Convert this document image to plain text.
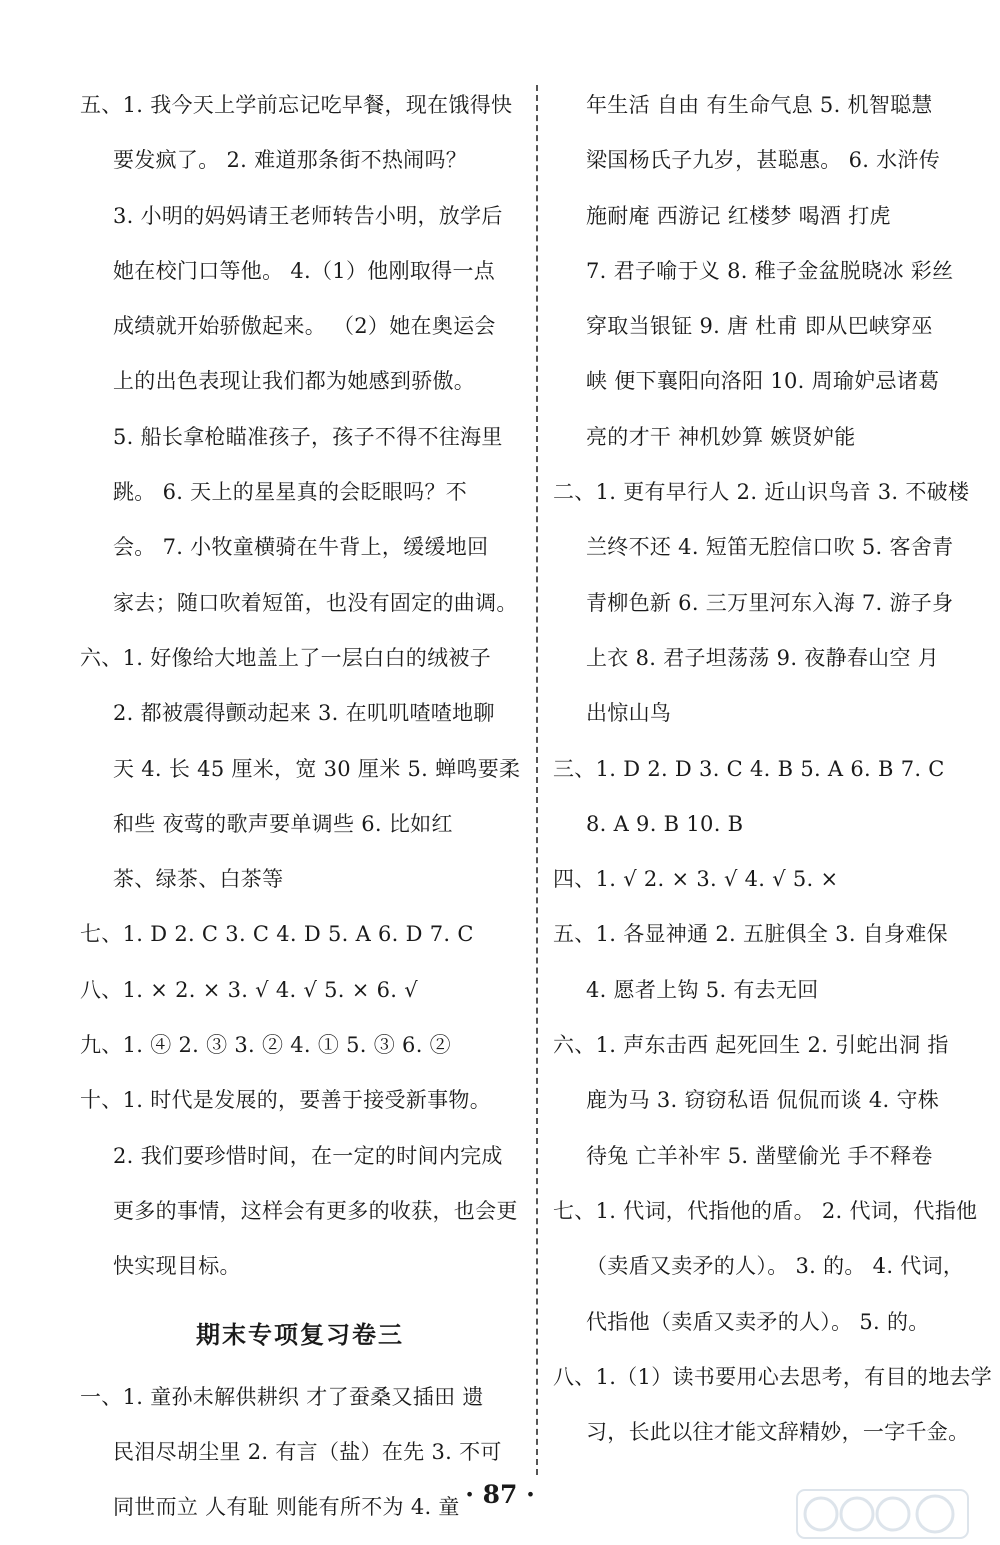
五、1. 我今天上学前忘记吃早餐，现在饿得快
要发疯了。 2. 难道那条街不热闹吗？
3. 小明的妈妈请王老师转告小明，放学后
她在校门口等他。 4.（1）他刚取得一点
成绩就开始骄傲起来。 （2）她在奥运会
上的出色表现让我们都为她感到骄傲。
5. 船长拿枪瞄准孩子，孩子不得不往海里
跳。 6. 天上的星星真的会眨眼吗？不
会。 7. 小牧童横骑在牛背上，缓缓地回
家去；随口吹着短笛，也没有固定的曲调。
六、1. 好像给大地盖上了一层白白的绒被子
2. 都被震得颤动起来 3. 在叽叽喳喳地聊
天 4. 长 45 厘米，宽 30 厘米 5. 蝉鸣要柔
和些 夜莺的歌声要单调些 6. 比如红
茶、绿茶、白茶等
七、1. D 2. C 3. C 4. D 5. A 6. D 7. C
八、1. × 2. × 3. √ 4. √ 5. × 6. √
九、1. ④ 2. ③ 3. ② 4. ① 5. ③ 6. ②
十、1. 时代是发展的，要善于接受新事物。
2. 我们要珍惜时间，在一定的时间内完成
更多的事情，这样会有更多的收获，也会更
快实现目标。
期末专项复习卷三
一、1. 童孙未解供耕织 才了蚕桑又插田 遗
民泪尽胡尘里 2. 有言（盐）在先 3. 不可
同世而立 人有耻 则能有所不为 4. 童
年生活 自由 有生命气息 5. 机智聪慧
梁国杨氏子九岁，甚聪惠。 6. 水浒传
施耐庵 西游记 红楼梦 喝酒 打虎
7. 君子喻于义 8. 稚子金盆脱晓冰 彩丝
穿取当银钲 9. 唐 杜甫 即从巴峡穿巫
峡 便下襄阳向洛阳 10. 周瑜妒忌诸葛
亮的才干 神机妙算 嫉贤妒能
二、1. 更有早行人 2. 近山识鸟音 3. 不破楼
兰终不还 4. 短笛无腔信口吹 5. 客舍青
青柳色新 6. 三万里河东入海 7. 游子身
上衣 8. 君子坦荡荡 9. 夜静春山空 月
出惊山鸟
三、1. D 2. D 3. C 4. B 5. A 6. B 7. C
8. A 9. B 10. B
四、1. √ 2. × 3. √ 4. √ 5. ×
五、1. 各显神通 2. 五脏俱全 3. 自身难保
4. 愿者上钩 5. 有去无回
六、1. 声东击西 起死回生 2. 引蛇出洞 指
鹿为马 3. 窃窃私语 侃侃而谈 4. 守株
待兔 亡羊补牢 5. 凿壁偷光 手不释卷
七、1. 代词，代指他的盾。 2. 代词，代指他
（卖盾又卖矛的人）。 3. 的。 4. 代词，
代指他（卖盾又卖矛的人）。 5. 的。
八、1.（1）读书要用心去思考，有目的地去学
习，长此以往才能文辞精妙，一字千金。
· 87 ·
